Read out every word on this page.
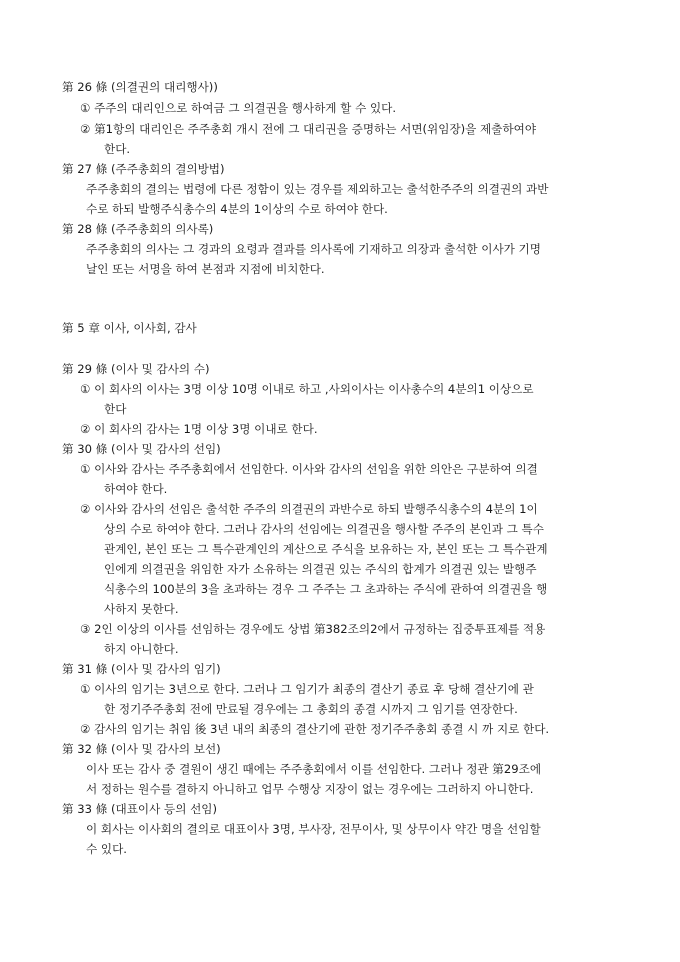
第 26 條 (의결권의 대리행사))
① 주주의 대리인으로 하여금 그 의결권을 행사하게 할 수 있다.
② 第1항의 대리인은 주주총회 개시 전에 그 대리권을 증명하는 서면(위임장)을 제출하여야
한다.
第 27 條 (주주총회의 결의방법)
주주총회의 결의는 법령에 다른 정함이 있는 경우를 제외하고는 출석한주주의 의결권의 과반
수로 하되 발행주식총수의 4분의 1이상의 수로 하여야 한다.
第 28 條 (주주총회의 의사록)
주주총회의 의사는 그 경과의 요령과 결과를 의사록에 기재하고 의장과 출석한 이사가 기명
날인 또는 서명을 하여 본점과 지점에 비치한다.
第 5 章 이사, 이사회, 감사
第 29 條 (이사 및 감사의 수)
① 이 회사의 이사는 3명 이상 10명 이내로 하고 ,사외이사는 이사총수의 4분의1 이상으로
한다
② 이 회사의 감사는 1명 이상 3명 이내로 한다.
第 30 條 (이사 및 감사의 선임)
① 이사와 감사는 주주총회에서 선임한다. 이사와 감사의 선임을 위한 의안은 구분하여 의결
하여야 한다.
② 이사와 감사의 선임은 출석한 주주의 의결권의 과반수로 하되 발행주식총수의 4분의 1이
상의 수로 하여야 한다. 그러나 감사의 선임에는 의결권을 행사할 주주의 본인과 그 특수
관계인, 본인 또는 그 특수관계인의 계산으로 주식을 보유하는 자, 본인 또는 그 특수관계
인에게 의결권을 위임한 자가 소유하는 의결권 있는 주식의 합계가 의결권 있는 발행주
식총수의 100분의 3을 초과하는 경우 그 주주는 그 초과하는 주식에 관하여 의결권을 행
사하지 못한다.
③ 2인 이상의 이사를 선임하는 경우에도 상법 第382조의2에서 규정하는 집중투표제를 적용
하지 아니한다.
第 31 條 (이사 및 감사의 임기)
① 이사의 임기는 3년으로 한다. 그러나 그 임기가 최종의 결산기 종료 후 당해 결산기에 관
한 정기주주총회 전에 만료될 경우에는 그 총회의 종결 시까지 그 임기를 연장한다.
② 감사의 임기는 취임 後 3년 내의 최종의 결산기에 관한 정기주주총회 종결 시 까 지로 한다.
第 32 條 (이사 및 감사의 보선)
이사 또는 감사 중 결원이 생긴 때에는 주주총회에서 이를 선임한다. 그러나 정관 第29조에
서 정하는 원수를 결하지 아니하고 업무 수행상 지장이 없는 경우에는 그러하지 아니한다.
第 33 條 (대표이사 등의 선임)
이 회사는 이사회의 결의로 대표이사 3명, 부사장, 전무이사, 및 상무이사 약간 명을 선임할
수 있다.
